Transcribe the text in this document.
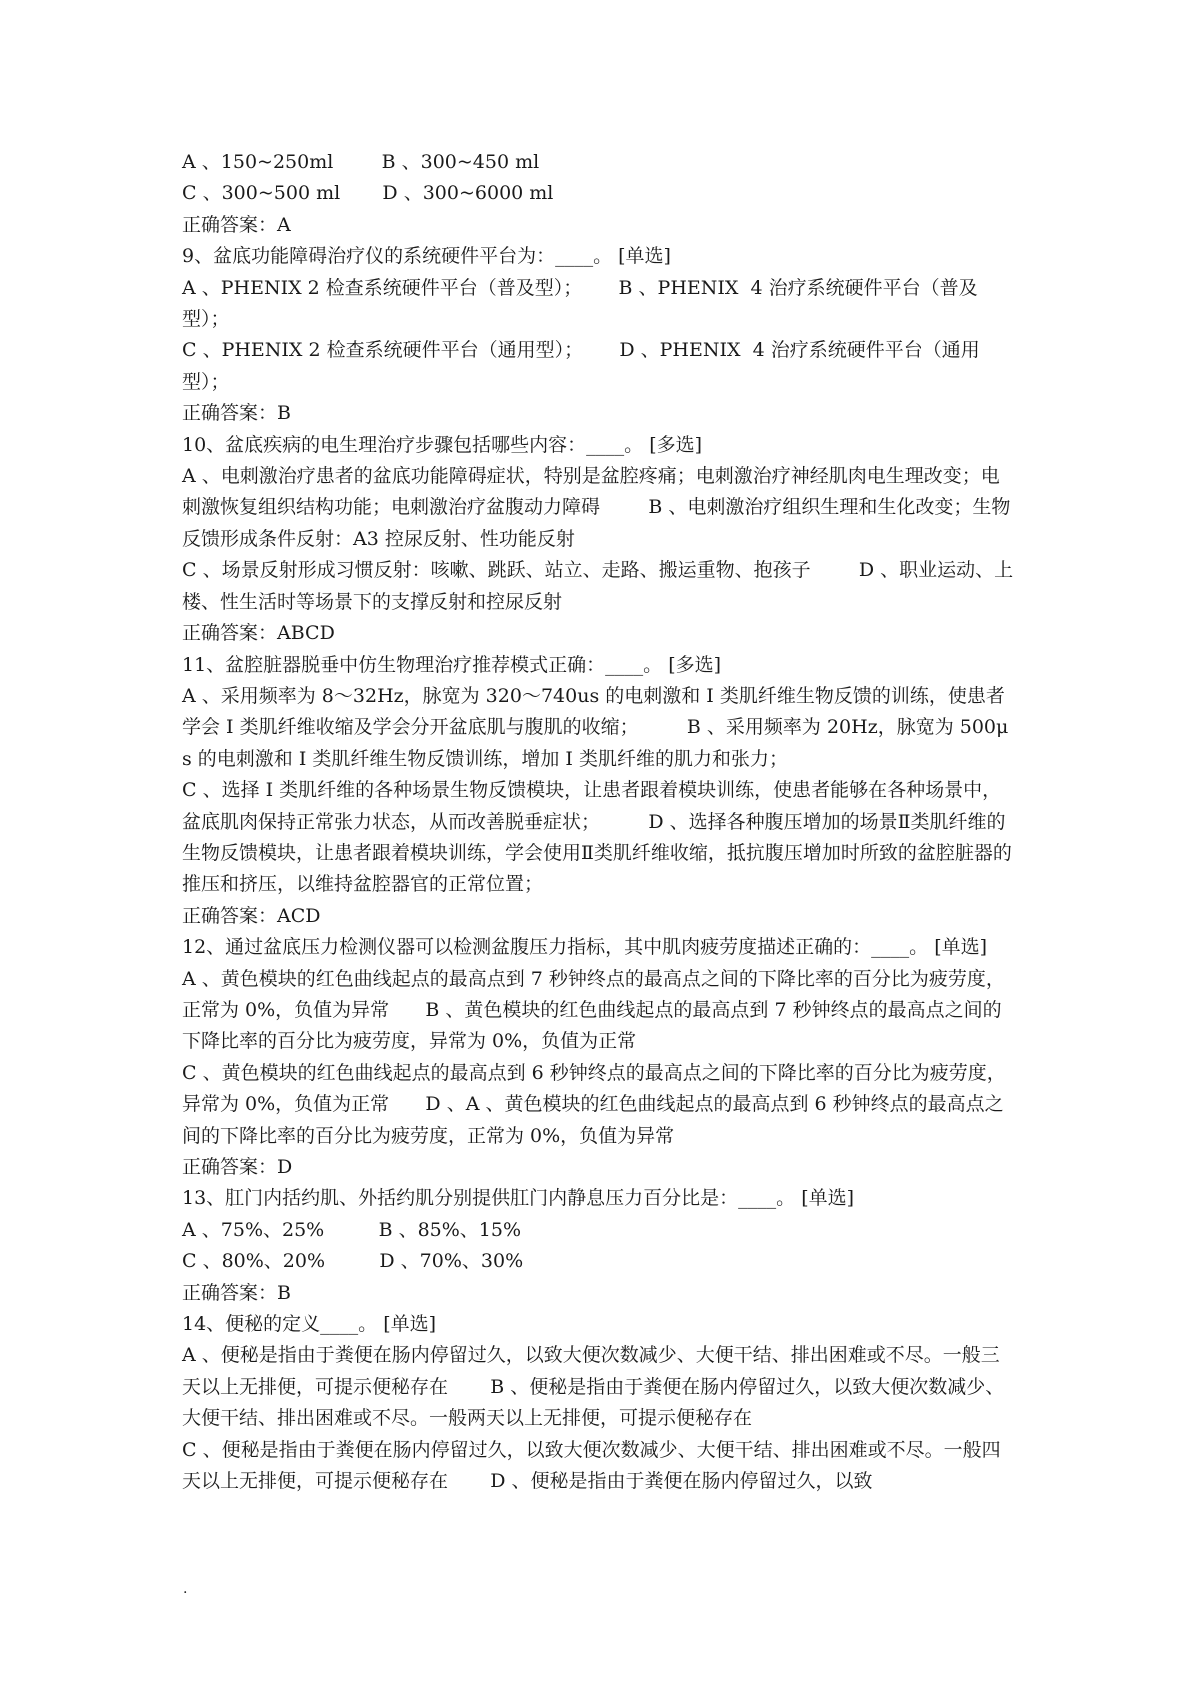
A 、150~250ml        B 、300~450 ml
C 、300~500 ml       D 、300~6000 ml
正确答案：A
9、盆底功能障碍治疗仪的系统硬件平台为：____。 [单选]
A 、PHENIX 2 检查系统硬件平台（普及型）；      B 、PHENIX  4 治疗系统硬件平台（普及型）；
C 、PHENIX 2 检查系统硬件平台（通用型）；      D 、PHENIX  4 治疗系统硬件平台（通用型）；
正确答案：B
10、盆底疾病的电生理治疗步骤包括哪些内容：____。 [多选]
A 、电刺激治疗患者的盆底功能障碍症状，特别是盆腔疼痛；电刺激治疗神经肌肉电生理改变；电刺激恢复组织结构功能；电刺激治疗盆腹动力障碍        B 、电刺激治疗组织生理和生化改变；生物反馈形成条件反射：A3 控尿反射、性功能反射
C 、场景反射形成习惯反射：咳嗽、跳跃、站立、走路、搬运重物、抱孩子        D 、职业运动、上楼、性生活时等场景下的支撑反射和控尿反射
正确答案：ABCD
11、盆腔脏器脱垂中仿生物理治疗推荐模式正确：____。 [多选]
A 、采用频率为 8～32Hz，脉宽为 320～740us 的电刺激和 I 类肌纤维生物反馈的训练，使患者学会 I 类肌纤维收缩及学会分开盆底肌与腹肌的收缩；        B 、采用频率为 20Hz，脉宽为 500μs 的电刺激和 I 类肌纤维生物反馈训练，增加 I 类肌纤维的肌力和张力；
C 、选择 I 类肌纤维的各种场景生物反馈模块，让患者跟着模块训练，使患者能够在各种场景中，盆底肌肉保持正常张力状态，从而改善脱垂症状；        D 、选择各种腹压增加的场景Ⅱ类肌纤维的生物反馈模块，让患者跟着模块训练，学会使用Ⅱ类肌纤维收缩，抵抗腹压增加时所致的盆腔脏器的推压和挤压，以维持盆腔器官的正常位置；
正确答案：ACD
12、通过盆底压力检测仪器可以检测盆腹压力指标，其中肌肉疲劳度描述正确的：____。 [单选]
A 、黄色模块的红色曲线起点的最高点到 7 秒钟终点的最高点之间的下降比率的百分比为疲劳度，正常为 0%，负值为异常      B 、黄色模块的红色曲线起点的最高点到 7 秒钟终点的最高点之间的下降比率的百分比为疲劳度，异常为 0%，负值为正常
C 、黄色模块的红色曲线起点的最高点到 6 秒钟终点的最高点之间的下降比率的百分比为疲劳度，异常为 0%，负值为正常      D 、A 、黄色模块的红色曲线起点的最高点到 6 秒钟终点的最高点之间的下降比率的百分比为疲劳度，正常为 0%，负值为异常
正确答案：D
13、肛门内括约肌、外括约肌分别提供肛门内静息压力百分比是：____。 [单选]
A 、75%、25%         B 、85%、15%
C 、80%、20%         D 、70%、30%
正确答案：B
14、便秘的定义____。 [单选]
A 、便秘是指由于粪便在肠内停留过久，以致大便次数减少、大便干结、排出困难或不尽。一般三天以上无排便，可提示便秘存在       B 、便秘是指由于粪便在肠内停留过久，以致大便次数减少、大便干结、排出困难或不尽。一般两天以上无排便，可提示便秘存在
C 、便秘是指由于粪便在肠内停留过久，以致大便次数减少、大便干结、排出困难或不尽。一般四天以上无排便，可提示便秘存在       D 、便秘是指由于粪便在肠内停留过久，以致
.
